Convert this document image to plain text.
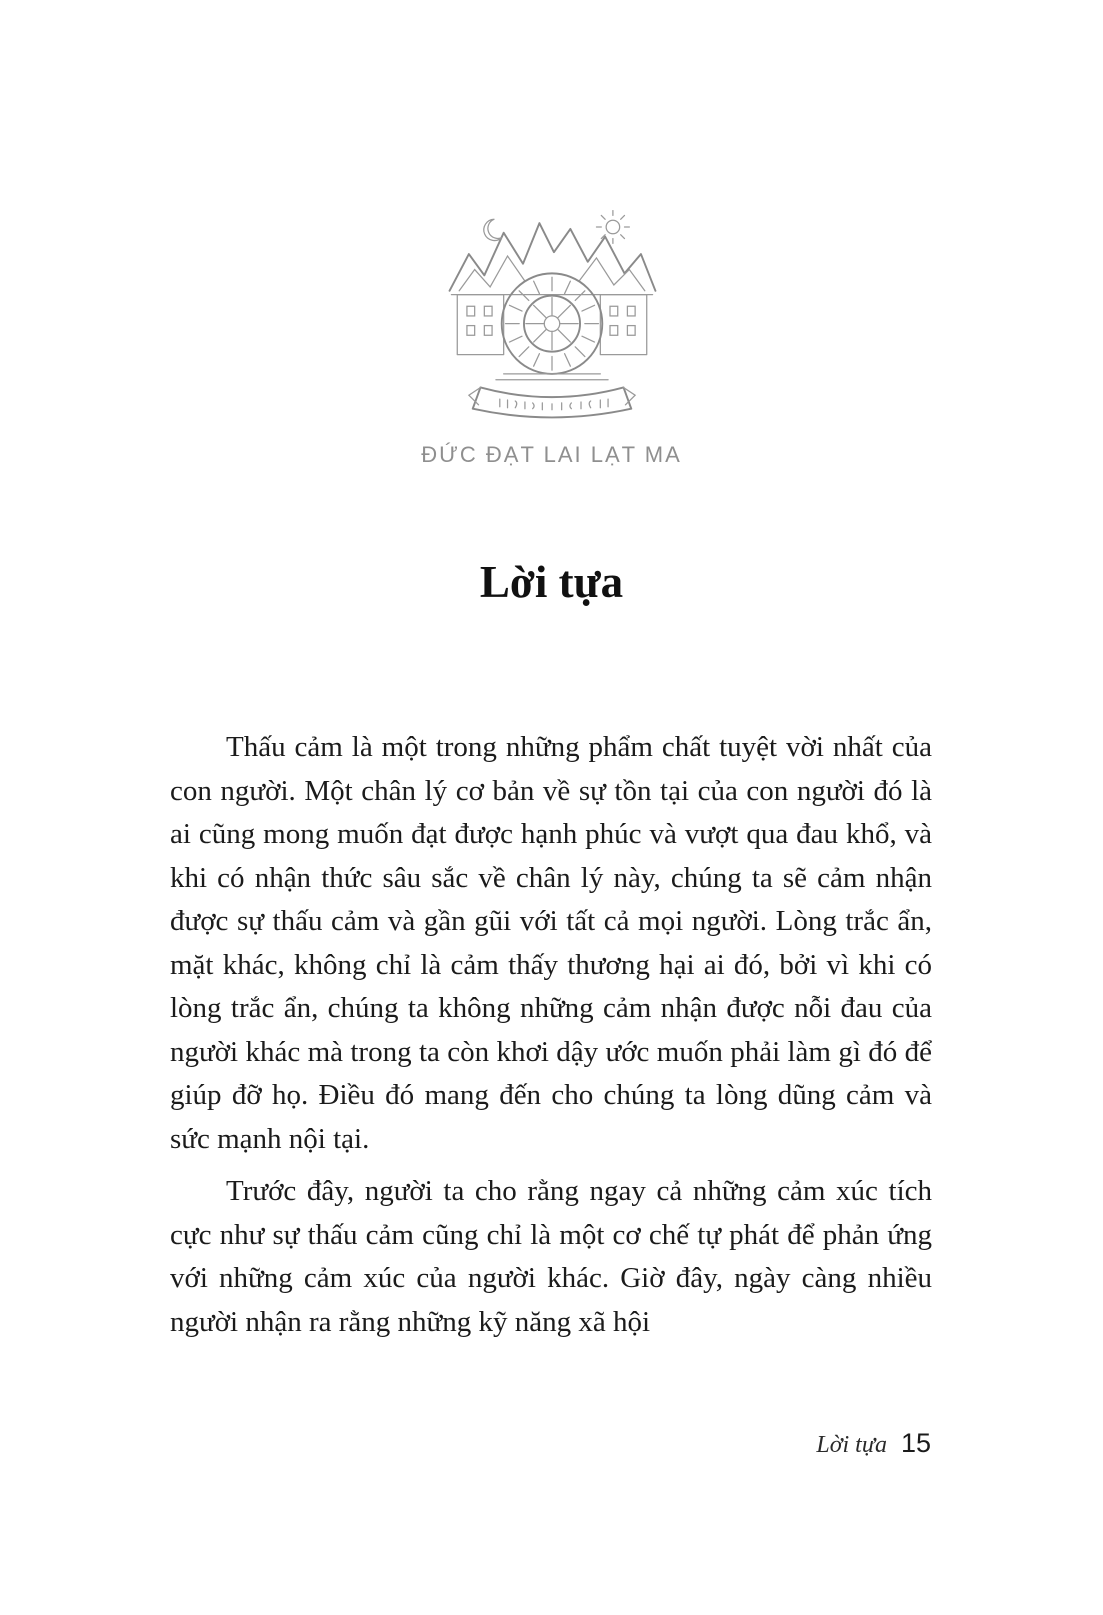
ĐỨC ĐẠT LAI LẠT MA
Lời tựa

Thấu cảm là một trong những phẩm chất tuyệt vời nhất của con người. Một chân lý cơ bản về sự tồn tại của con người đó là ai cũng mong muốn đạt được hạnh phúc và vượt qua đau khổ, và khi có nhận thức sâu sắc về chân lý này, chúng ta sẽ cảm nhận được sự thấu cảm và gần gũi với tất cả mọi người. Lòng trắc ẩn, mặt khác, không chỉ là cảm thấy thương hại ai đó, bởi vì khi có lòng trắc ẩn, chúng ta không những cảm nhận được nỗi đau của người khác mà trong ta còn khơi dậy ước muốn phải làm gì đó để giúp đỡ họ. Điều đó mang đến cho chúng ta lòng dũng cảm và sức mạnh nội tại.

Trước đây, người ta cho rằng ngay cả những cảm xúc tích cực như sự thấu cảm cũng chỉ là một cơ chế tự phát để phản ứng với những cảm xúc của người khác. Giờ đây, ngày càng nhiều người nhận ra rằng những kỹ năng xã hội

Lời tựa 15
